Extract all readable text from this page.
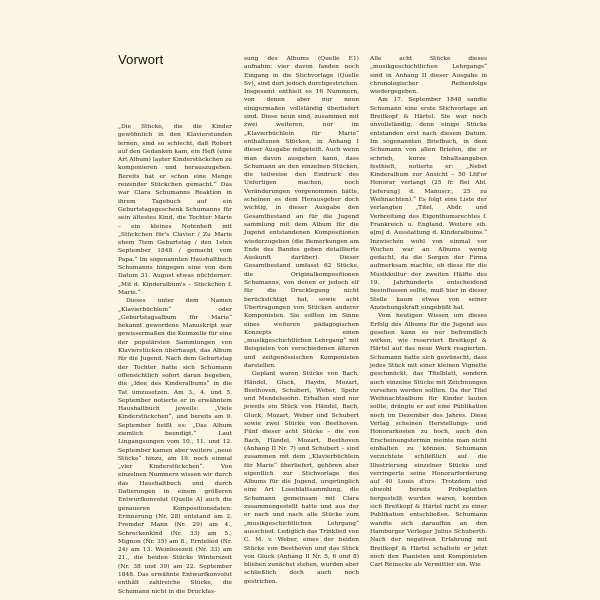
Vorwort

„Die Stücke, die die Kinder gewöhnlich in den Klavierstunden lernen, sind so schlecht, daß Robert auf den Gedanken kam, ein Heft (eine Art Album) lauter Kinderstückchen zu komponieren und herauszugeben. Bereits hat er schon eine Menge reizender Stückchen gemacht.“ Das war Clara Schumanns Reaktion in ihrem Tagebuch auf ein Geburtstagsgeschenk Schumanns für sein ältestes Kind, die Tochter Marie – ein kleines Notenheft mit „Stückchen für's Clavier / Zu Marie ehem 7tem Geburtstag / den 1sten September 1848 / gemacht vom Papa.“ Im sogenannten Haushaltbuch Schumanns hingegen eine von dem Datum 31. August etwas nüchterner: „Mit d. Kinderalbum's – Stückchen f. Marie.“

Dieses unter dem Namen „Klavierbüchlein“ oder „Geburtstagsalbum für Marie“ bekannt gewordene Manuskript war gewissermaßen die Keimzelle für eine der populärsten Sammlungen von Klavierstücken überhaupt, das Album für die Jugend. Nach dem Geburtstag der Tochter hatte sich Schumann offensichtlich sofort daran begeben, die „Idee des Kinderalbums“ in die Tat umzusetzen. Am 3., 4. und 5. September notierte er in erwähntem Haushaltbuch jeweils: „Viele Kinderstückchen“, und bereits am 9. September heißt es: „Das Album ziemlich beendigt.“ Laut Lingangsungen vom 10., 11. und 12. September kamen aber weitere „neue Stücke“ hinzu, am 19. noch einmal „vier Kinderstückchen“. Von einzelnen Nummern wissen wir durch das Haushaltbuch und durch Datierungen in einem größeren Entwurfkonvolut (Quelle A) auch die genaueren Kompositionsdaten: Erinnerung (Nr. 28) entstand am 2. Fremder Mann (Nr. 29) am 4., Schreckenkind (Nr. 33) am 5., Mignon (Nr. 35) am 8., Erntelied (Nr. 24) am 13. Weinlesezeit (Nr. 33) am 21., die beiden Stücke Winterszeit (Nr. 38 und 39) am 22. September 1848. Das erwähnte Entwurfkonvolut enthält zahlreiche Stücke, die Schumann nicht in die Druckfas-

sung des Albums (Quelle E1) aufnahm: vier davon fanden noch Eingang in die Stichvorlage (Quelle Sv), sind dort jedoch durchgestrichen. Insgesamt enthielt es 16 Nummern, von denen aber nur neun einigermaßen vollständig überliefert sind. Diese neun sind, zusammen mit zwei weiteren, nur im „Klavierbüchlein für Marie“ enthaltenen Stücken, in Anhang I dieser Ausgabe mitgeteilt. Auch wenn man davon ausgehen kann, dass Schumann an den einzelnen Stücken, die teilweise den Eindruck des Unfertigen machen, noch Veränderungen vorgenommen hätte, scheinen es dem Herausgeber doch wichtig, in dieser Ausgabe den Gesamtbestand an für die Jugend sammlung mit dem Album für die Jugend entstandenen Kompositionen wiederzugeben (die Bemerkungen am Ende des Bandes geben detaillierte Auskunft darüber). Dieser Gesamtbestand umfasst 62 Stücke, die Originalkompositionen Schumanns, von denen er jedoch elf für die Drucklegung nicht berücksichtigt hat, sowie acht Übertragungen von Stücken anderer Komponisten. Sie sollten im Sinne eines weiteren pädagogischen Konzepts einen „musikgeschichtlichen Lehrgang“ mit Beispielen von verschiedenen älteren und zeitgenössischen Komponisten darstellen.

Geplant waren Stücke von Bach, Händel, Gluck, Haydn, Mozart, Beethoven, Schubert, Weber, Spohr und Mendelssohn. Erhalten sind nur jeweils ein Stück von Händel, Bach, Gluck, Mozart, Weber und Schubert sowie zwei Stücke von Beethoven. Fünf dieser acht Stücke – die von Bach, Händel, Mozart, Beethoven (Anhang II Nr. 7) und Schubert – sind zusammen mit dem „Klavierbüchlein für Marie“ überliefert, gehören aber eigentlich zur Stichvorlage des Albums für die Jugend, ursprünglich eine Art Loseblattsammlung, die Schumann gemeinsam mit Clara zusammengestellt hatte und aus der er nach und nach alle Stücke zum „musikgeschichtlichen Lehrgang“ ausschied. Lediglich das Trinklied von C. M. v. Weber, eines der beiden Stücke von Beethoven und das Stück von Gluck (Anhang II Nr. 5, 6 und 8) blieben zunächst stehen, wurden aber schließlich doch auch noch gestrichen.

Alle acht Stücke dieses „musikgeschichtlichen Lehrgangs“ sind in Anhang II dieser Ausgabe in chronologischer Reihenfolge wiedergegeben.

Am 17. September 1848 sandte Schumann eine erste Stichvorlage an Breitkopf & Härtel. Sie war noch unvollständig, denn einige Stücke entstanden erst nach diesem Datum. Im sogenannten Briefbuch, in dem Schumann von allen Briefen, die er schrieb, kurze Inhaltsangaben festhielt, notierte er: „Nebst Kinderalbum zur Ansicht – 50 Lfd'or Honorar verlangt (25 fr. Bei Abl.[ieferung] d. Manuscr., 25 zu Weihnachten).“ Es folgt eine Liste der verlangten „Titel, Abdr. und Verbreitung des Eigenthumsrechtes f. Frankreich u. England. Weitere sib. a[m] d. Ausstattung d. Kinderalbums.“ Inzwischen wohl von einmal vor Wochen war an Albums wenig gedacht, da die Sorgen der Firma aufmerksam machte, ob diese für die Musikkultur der zweiten Hälfte des 19. Jahrhunderts entscheidend beeinflussen sollte, muß hier in dieser Stelle kaum etwas von seiner Anziehungskraft eingebüßt hat.

Vom heutigen Wissen um dieses Erfolg des Albums für die Jugend aus gesehen kann es nur befremdlich wirken, wie reserviert Breitkopf & Härtel auf das neue Werk reagierten. Schumann hatte sich gewünscht, dass jedes Stück mit einer kleinen Vignette geschmückt, das Titelblatt, sondern auch einzelne Stücke mit Zeichnungen versehen werden sollten. Da der Titel Weihnachtsalbum für Kinder lauten sollte, drängte er auf eine Publikation noch im Dezember des Jahres. Diese Verlag scheinen Herstellungs- und Honorarkosten zu hoch, auch den Erscheinungstermin meinte man nicht einhalten zu können. Schumann verzichtete schließlich auf die Illustrierung einzelner Stücke und verringerte seine Honorarforderung auf 40 Louis d'ors. Trotzdem und obwohl bereits Probeplatten hergestellt wurden waren, konnten sich Breitkopf & Härtel nicht zu einer Publikation entschließen. Schumann wandte sich daraufhin an den Hamburger Verleger Julius Schuberth. Nach der negativen Erfahrung mit Breitkopf & Härtel schaltete er jetzt noch den Pianisten und Komponisten Carl Reinecke als Vermittler ein. Wie
